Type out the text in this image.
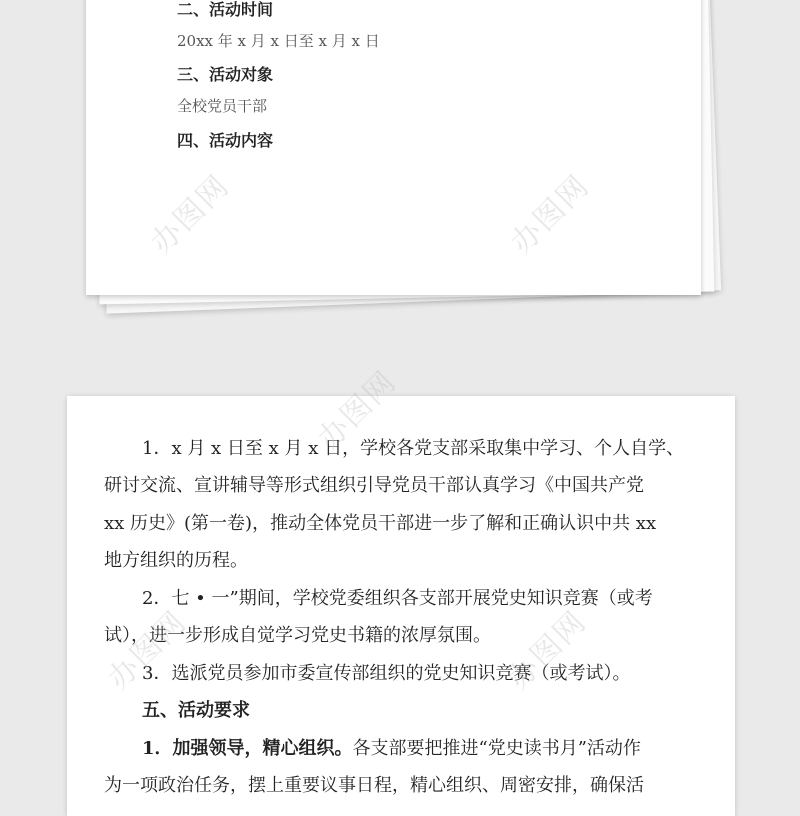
二、活动时间
20xx 年 x 月 x 日至 x 月 x 日
三、活动对象
全校党员干部
四、活动内容
办图网	办图网
1．x 月 x 日至 x 月 x 日，学校各党支部采取集中学习、个人自学、
研讨交流、宣讲辅导等形式组织引导党员干部认真学习《中国共产党
xx 历史》(第一卷)，推动全体党员干部进一步了解和正确认识中共 xx
地方组织的历程。
2．七 • 一”期间，学校党委组织各支部开展党史知识竞赛（或考
试），进一步形成自觉学习党史书籍的浓厚氛围。
3．选派党员参加市委宣传部组织的党史知识竞赛（或考试）。
五、活动要求
1．加强领导，精心组织。各支部要把推进“党史读书月”活动作
为一项政治任务，摆上重要议事日程，精心组织、周密安排，确保活
办图网
办图网	办图网
